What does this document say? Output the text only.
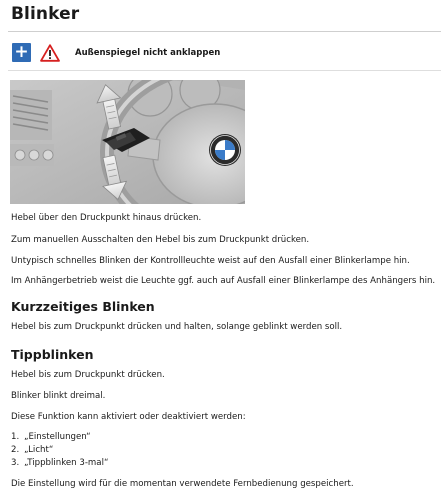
Blinker
+	Außenspiegel nicht anklappen

Hebel über den Druckpunkt hinaus drücken.

Zum manuellen Ausschalten den Hebel bis zum Druckpunkt drücken.

Untypisch schnelles Blinken der Kontrollleuchte weist auf den Ausfall einer Blinkerlampe hin.

Im Anhängerbetrieb weist die Leuchte ggf. auch auf Ausfall einer Blinkerlampe des Anhängers hin.

Kurzzeitiges Blinken

Hebel bis zum Druckpunkt drücken und halten, solange geblinkt werden soll.

Tippblinken

Hebel bis zum Druckpunkt drücken.

Blinker blinkt dreimal.

Diese Funktion kann aktiviert oder deaktiviert werden:

1. „Einstellungen“
2. „Licht“
3. „Tippblinken 3-mal“

Die Einstellung wird für die momentan verwendete Fernbedienung gespeichert.
